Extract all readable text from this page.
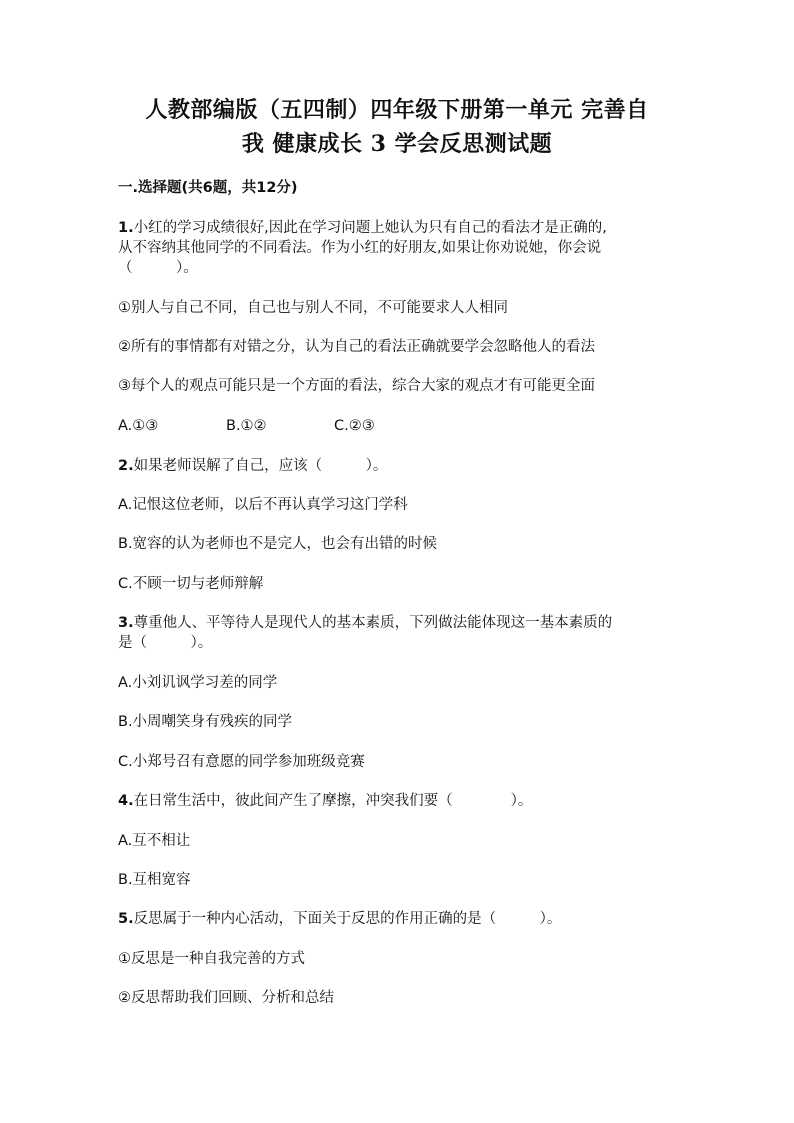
人教部编版（五四制）四年级下册第一单元 完善自
我 健康成长 3 学会反思测试题
一.选择题(共6题，共12分)
1.小红的学习成绩很好,因此在学习问题上她认为只有自己的看法才是正确的,
从不容纳其他同学的不同看法。作为小红的好朋友,如果让你劝说她，你会说
（　　　）。
①别人与自己不同，自己也与别人不同，不可能要求人人相同
②所有的事情都有对错之分，认为自己的看法正确就要学会忽略他人的看法
③每个人的观点可能只是一个方面的看法，综合大家的观点才有可能更全面
A.①③	B.①②	C.②③
2.如果老师误解了自己，应该（　　　）。
A.记恨这位老师，以后不再认真学习这门学科
B.宽容的认为老师也不是完人，也会有出错的时候
C.不顾一切与老师辩解
3.尊重他人、平等待人是现代人的基本素质，下列做法能体现这一基本素质的
是（　　　）。
A.小刘讥讽学习差的同学
B.小周嘲笑身有残疾的同学
C.小郑号召有意愿的同学参加班级竞赛
4.在日常生活中，彼此间产生了摩擦，冲突我们要（　　　　）。
A.互不相让
B.互相宽容
5.反思属于一种内心活动，下面关于反思的作用正确的是（　　　）。
①反思是一种自我完善的方式
②反思帮助我们回顾、分析和总结
